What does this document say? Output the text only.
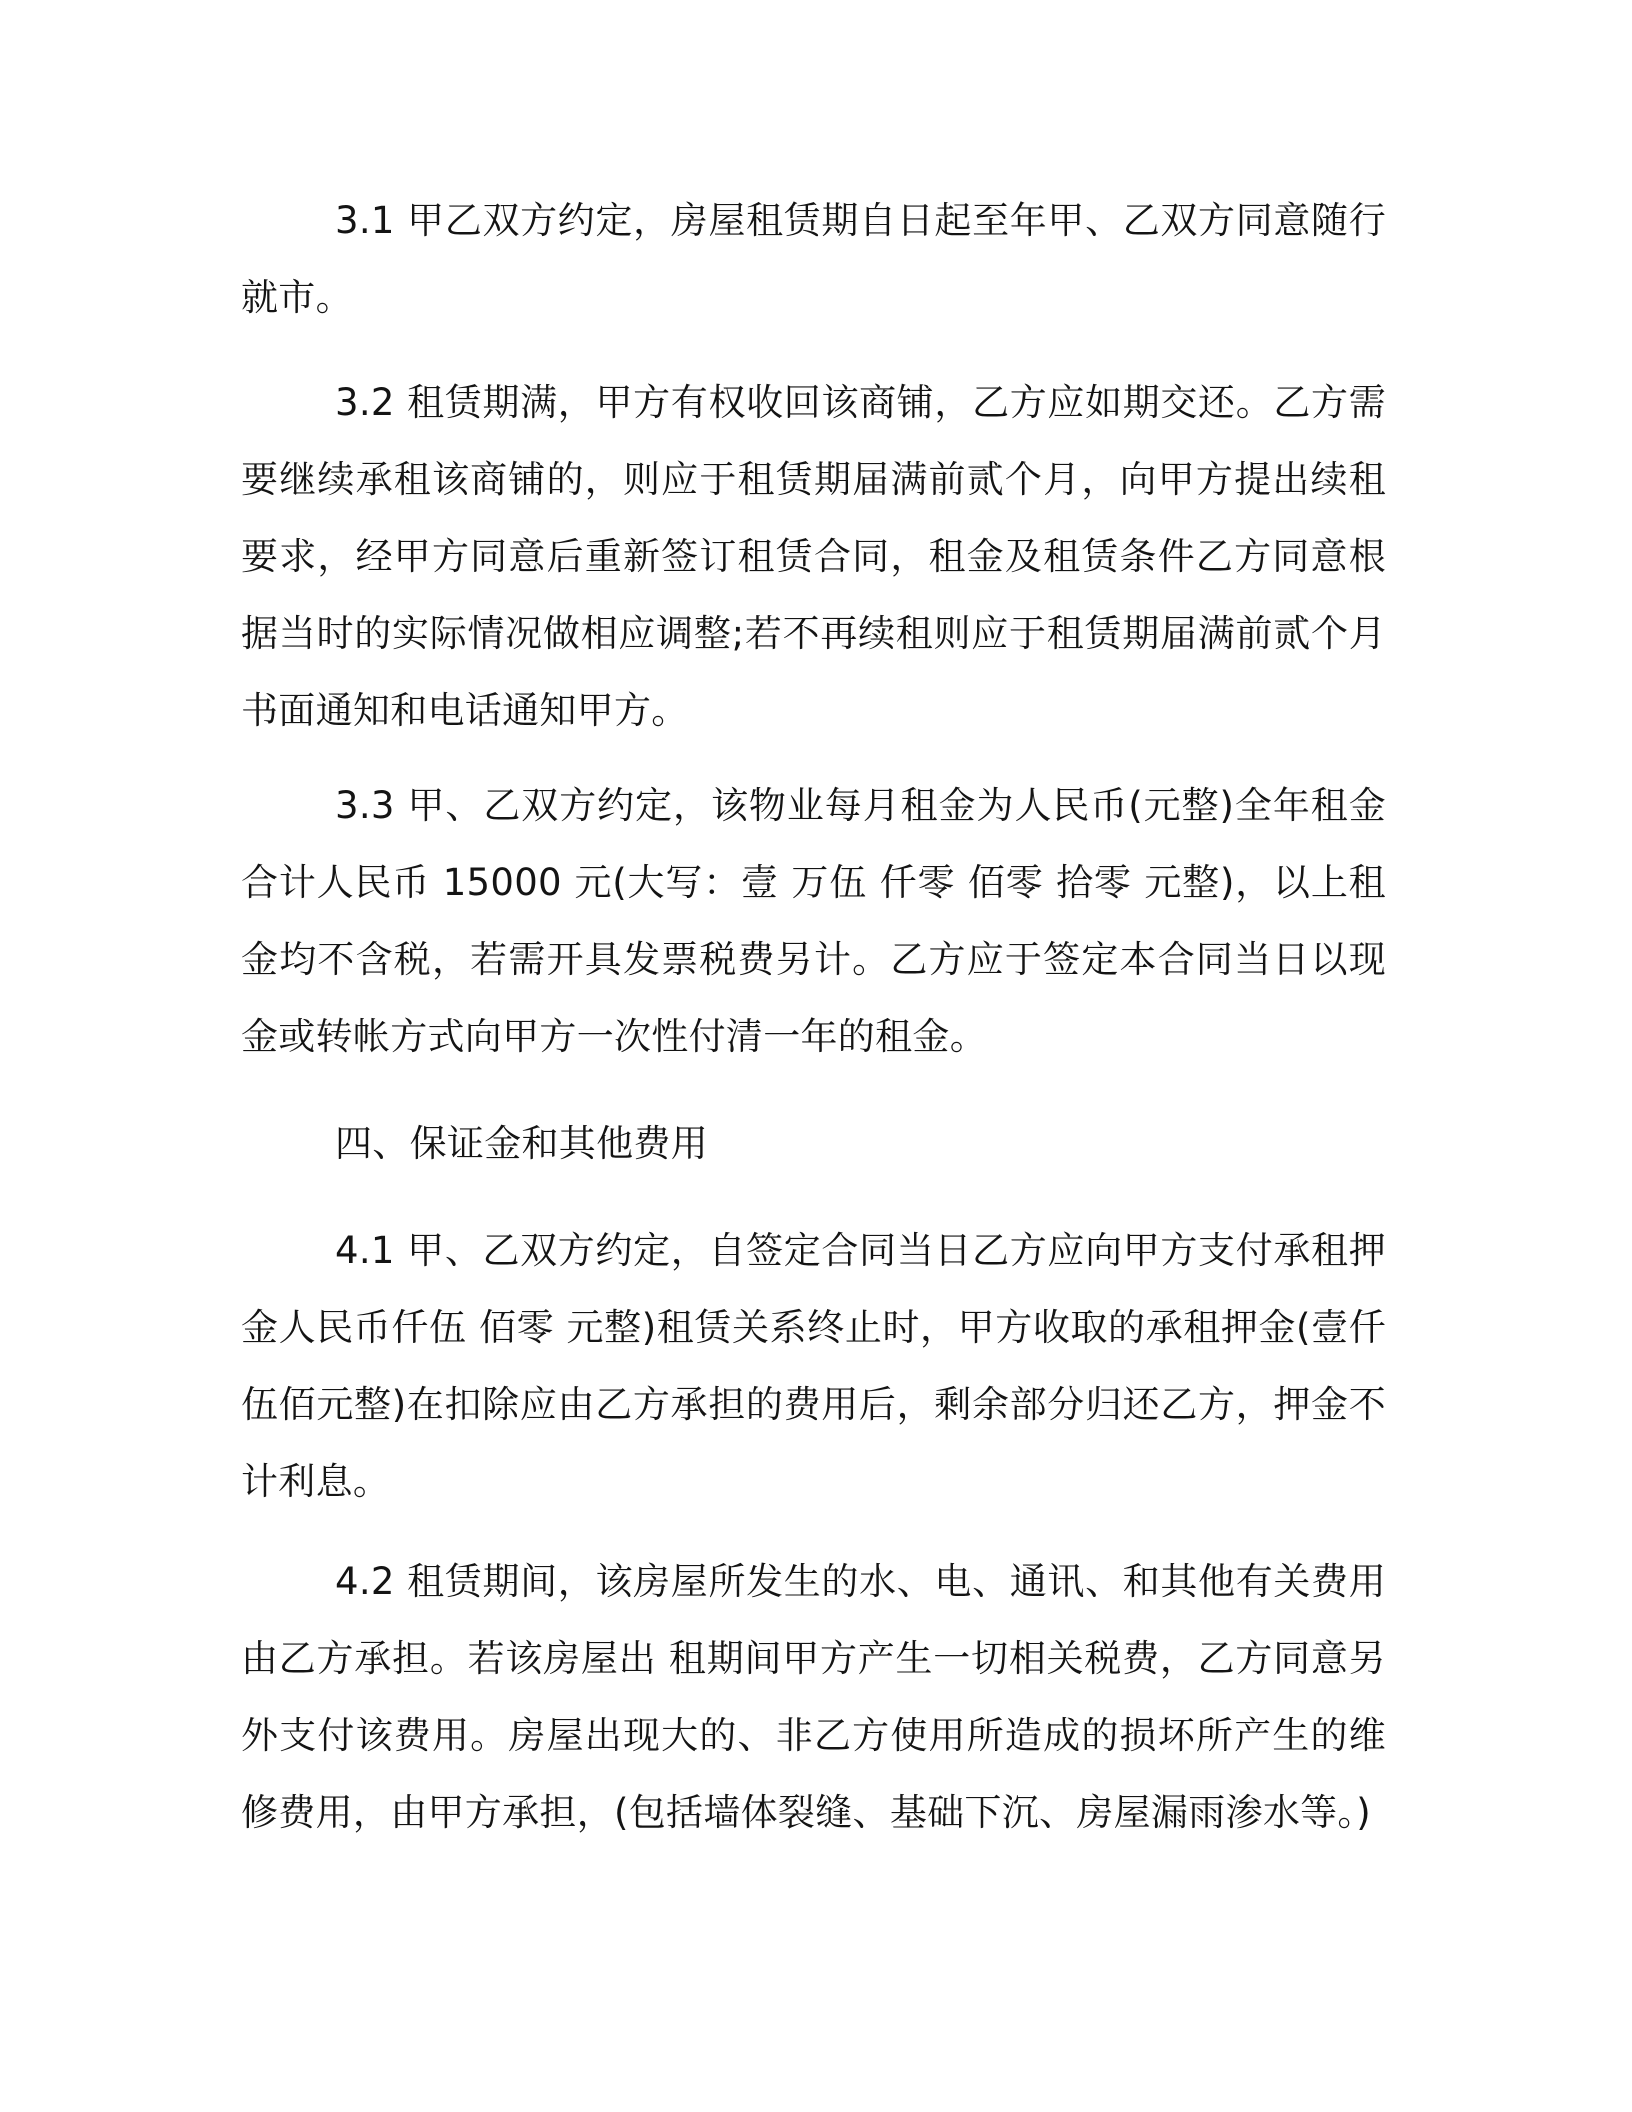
3.1 甲乙双方约定，房屋租赁期自日起至年甲、乙双方同意随行就市。

3.2 租赁期满，甲方有权收回该商铺，乙方应如期交还。乙方需要继续承租该商铺的，则应于租赁期届满前贰个月，向甲方提出续租要求，经甲方同意后重新签订租赁合同，租金及租赁条件乙方同意根据当时的实际情况做相应调整;若不再续租则应于租赁期届满前贰个月书面通知和电话通知甲方。

3.3 甲、乙双方约定，该物业每月租金为人民币(元整)全年租金合计人民币 15000 元(大写：壹 万伍 仟零 佰零 拾零 元整)，以上租金均不含税，若需开具发票税费另计。乙方应于签定本合同当日以现金或转帐方式向甲方一次性付清一年的租金。

四、保证金和其他费用

4.1 甲、乙双方约定，自签定合同当日乙方应向甲方支付承租押金人民币仟伍 佰零 元整)租赁关系终止时，甲方收取的承租押金(壹仟伍佰元整)在扣除应由乙方承担的费用后，剩余部分归还乙方，押金不计利息。

4.2 租赁期间，该房屋所发生的水、电、通讯、和其他有关费用由乙方承担。若该房屋出 租期间甲方产生一切相关税费，乙方同意另外支付该费用。房屋出现大的、非乙方使用所造成的损坏所产生的维修费用，由甲方承担，(包括墙体裂缝、基础下沉、房屋漏雨渗水等。)
